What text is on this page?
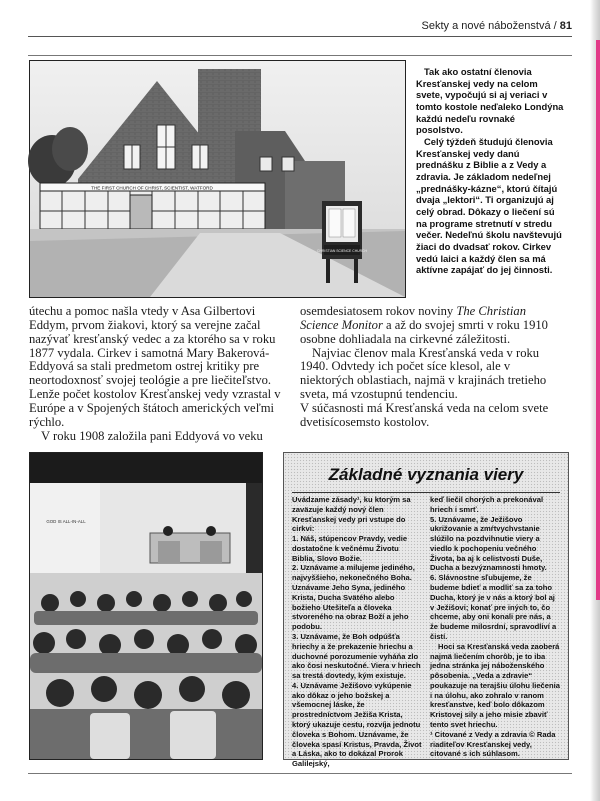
Sekty a nové náboženstvá / 81
THE FIRST CHURCH OF CHRIST, SCIENTIST, WATFORD
CHRISTIAN SCIENCE CHURCH

Tak ako ostatní členovia Kresťanskej vedy na celom svete, vypočujú si aj veriaci v tomto kostole neďaleko Londýna každú nedeľu rovnaké posolstvo.

Celý týždeň študujú členovia Kresťanskej vedy danú prednášku z Biblie a z Vedy a zdravia. Je základom nedeľnej „prednášky-kázne“, ktorú čítajú dvaja „lektori“. Ti organizujú aj celý obrad. Dôkazy o liečení sú na programe stretnutí v stredu večer. Nedeľnú školu navštevujú žiaci do dvadsať rokov. Cirkev vedú laici a každý člen sa má aktívne zapájať do jej činnosti.

útechu a pomoc našla vtedy v Asa Gilbertovi Eddym, prvom žiakovi, ktorý sa verejne začal nazývať kresťanský vedec a za ktorého sa v roku 1877 vydala. Cirkev i samotná Mary Bakerová-Eddyová sa stali predmetom ostrej kritiky pre neortodoxnosť svojej teológie a pre liečiteľstvo. Lenže počet kostolov Kresťanskej vedy vzrastal v Európe a v Spojených štátoch amerických veľmi rýchlo.

V roku 1908 založila pani Eddyová vo veku

osemdesiatosem rokov noviny The Christian Science Monitor a až do svojej smrti v roku 1910 osobne dohliadala na cirkevné záležitosti.

Najviac členov mala Kresťanská veda v roku 1940. Odvtedy ich počet síce klesol, ale v niektorých oblastiach, najmä v krajinách tretieho sveta, má vzostupnú tendenciu.

V súčasnosti má Kresťanská veda na celom svete dvetisícosemsto kostolov.

GOD IS ALL-IN-ALL
Základné vyznania viery

Uvádzame zásady¹, ku ktorým sa zaväzuje každý nový člen Kresťanskej vedy pri vstupe do cirkvi:

1. Náš, stúpencov Pravdy, vedie dostatočne k večnému Životu Biblia, Slovo Božie.

2. Uznávame a milujeme jediného, najvyššieho, nekonečného Boha. Uznávame Jeho Syna, jediného Krista, Ducha Svätého alebo božieho Utešiteľa a človeka stvoreného na obraz Boží a jeho podobu.

3. Uznávame, že Boh odpúšťa hriechy a že prekazenie hriechu a duchovné porozumenie vyháňa zlo ako čosi neskutočné. Viera v hriech sa trestá dovtedy, kým existuje.

4. Uznávame Ježišovo vykúpenie ako dôkaz o jeho božskej a všemocnej láske, že prostredníctvom Ježiša Krista, ktorý ukazuje cestu, rozvíja jednotu človeka s Bohom. Uznávame, že človeka spasí Kristus, Pravda, Život a Láska, ako to dokázal Prorok Galilejský,

keď liečil chorých a prekonával hriech i smrť.

5. Uznávame, že Ježišovo ukrižovanie a zmŕtvychvstanie slúžilo na pozdvihnutie viery a viedlo k pochopeniu večného Života, ba aj k celistvosti Duše, Ducha a bezvýznamnosti hmoty.

6. Slávnostne sľubujeme, že budeme bdieť a modliť sa za toho Ducha, ktorý je v nás a ktorý bol aj v Ježišovi; konať pre iných to, čo chceme, aby oni konali pre nás, a že budeme milosrdní, spravodliví a čistí.

Hoci sa Kresťanská veda zaoberá najmä liečením chorôb, je to iba jedna stránka jej náboženského pôsobenia. „Veda a zdravie“ poukazuje na terajšiu úlohu liečenia i na úlohu, ako zohralo v ranom kresťanstve, keď bolo dôkazom Kristovej sily a jeho misie zbaviť tento svet hriechu.

¹ Citované z Vedy a zdravia © Rada riaditeľov Kresťanskej vedy, citované s ich súhlasom.
